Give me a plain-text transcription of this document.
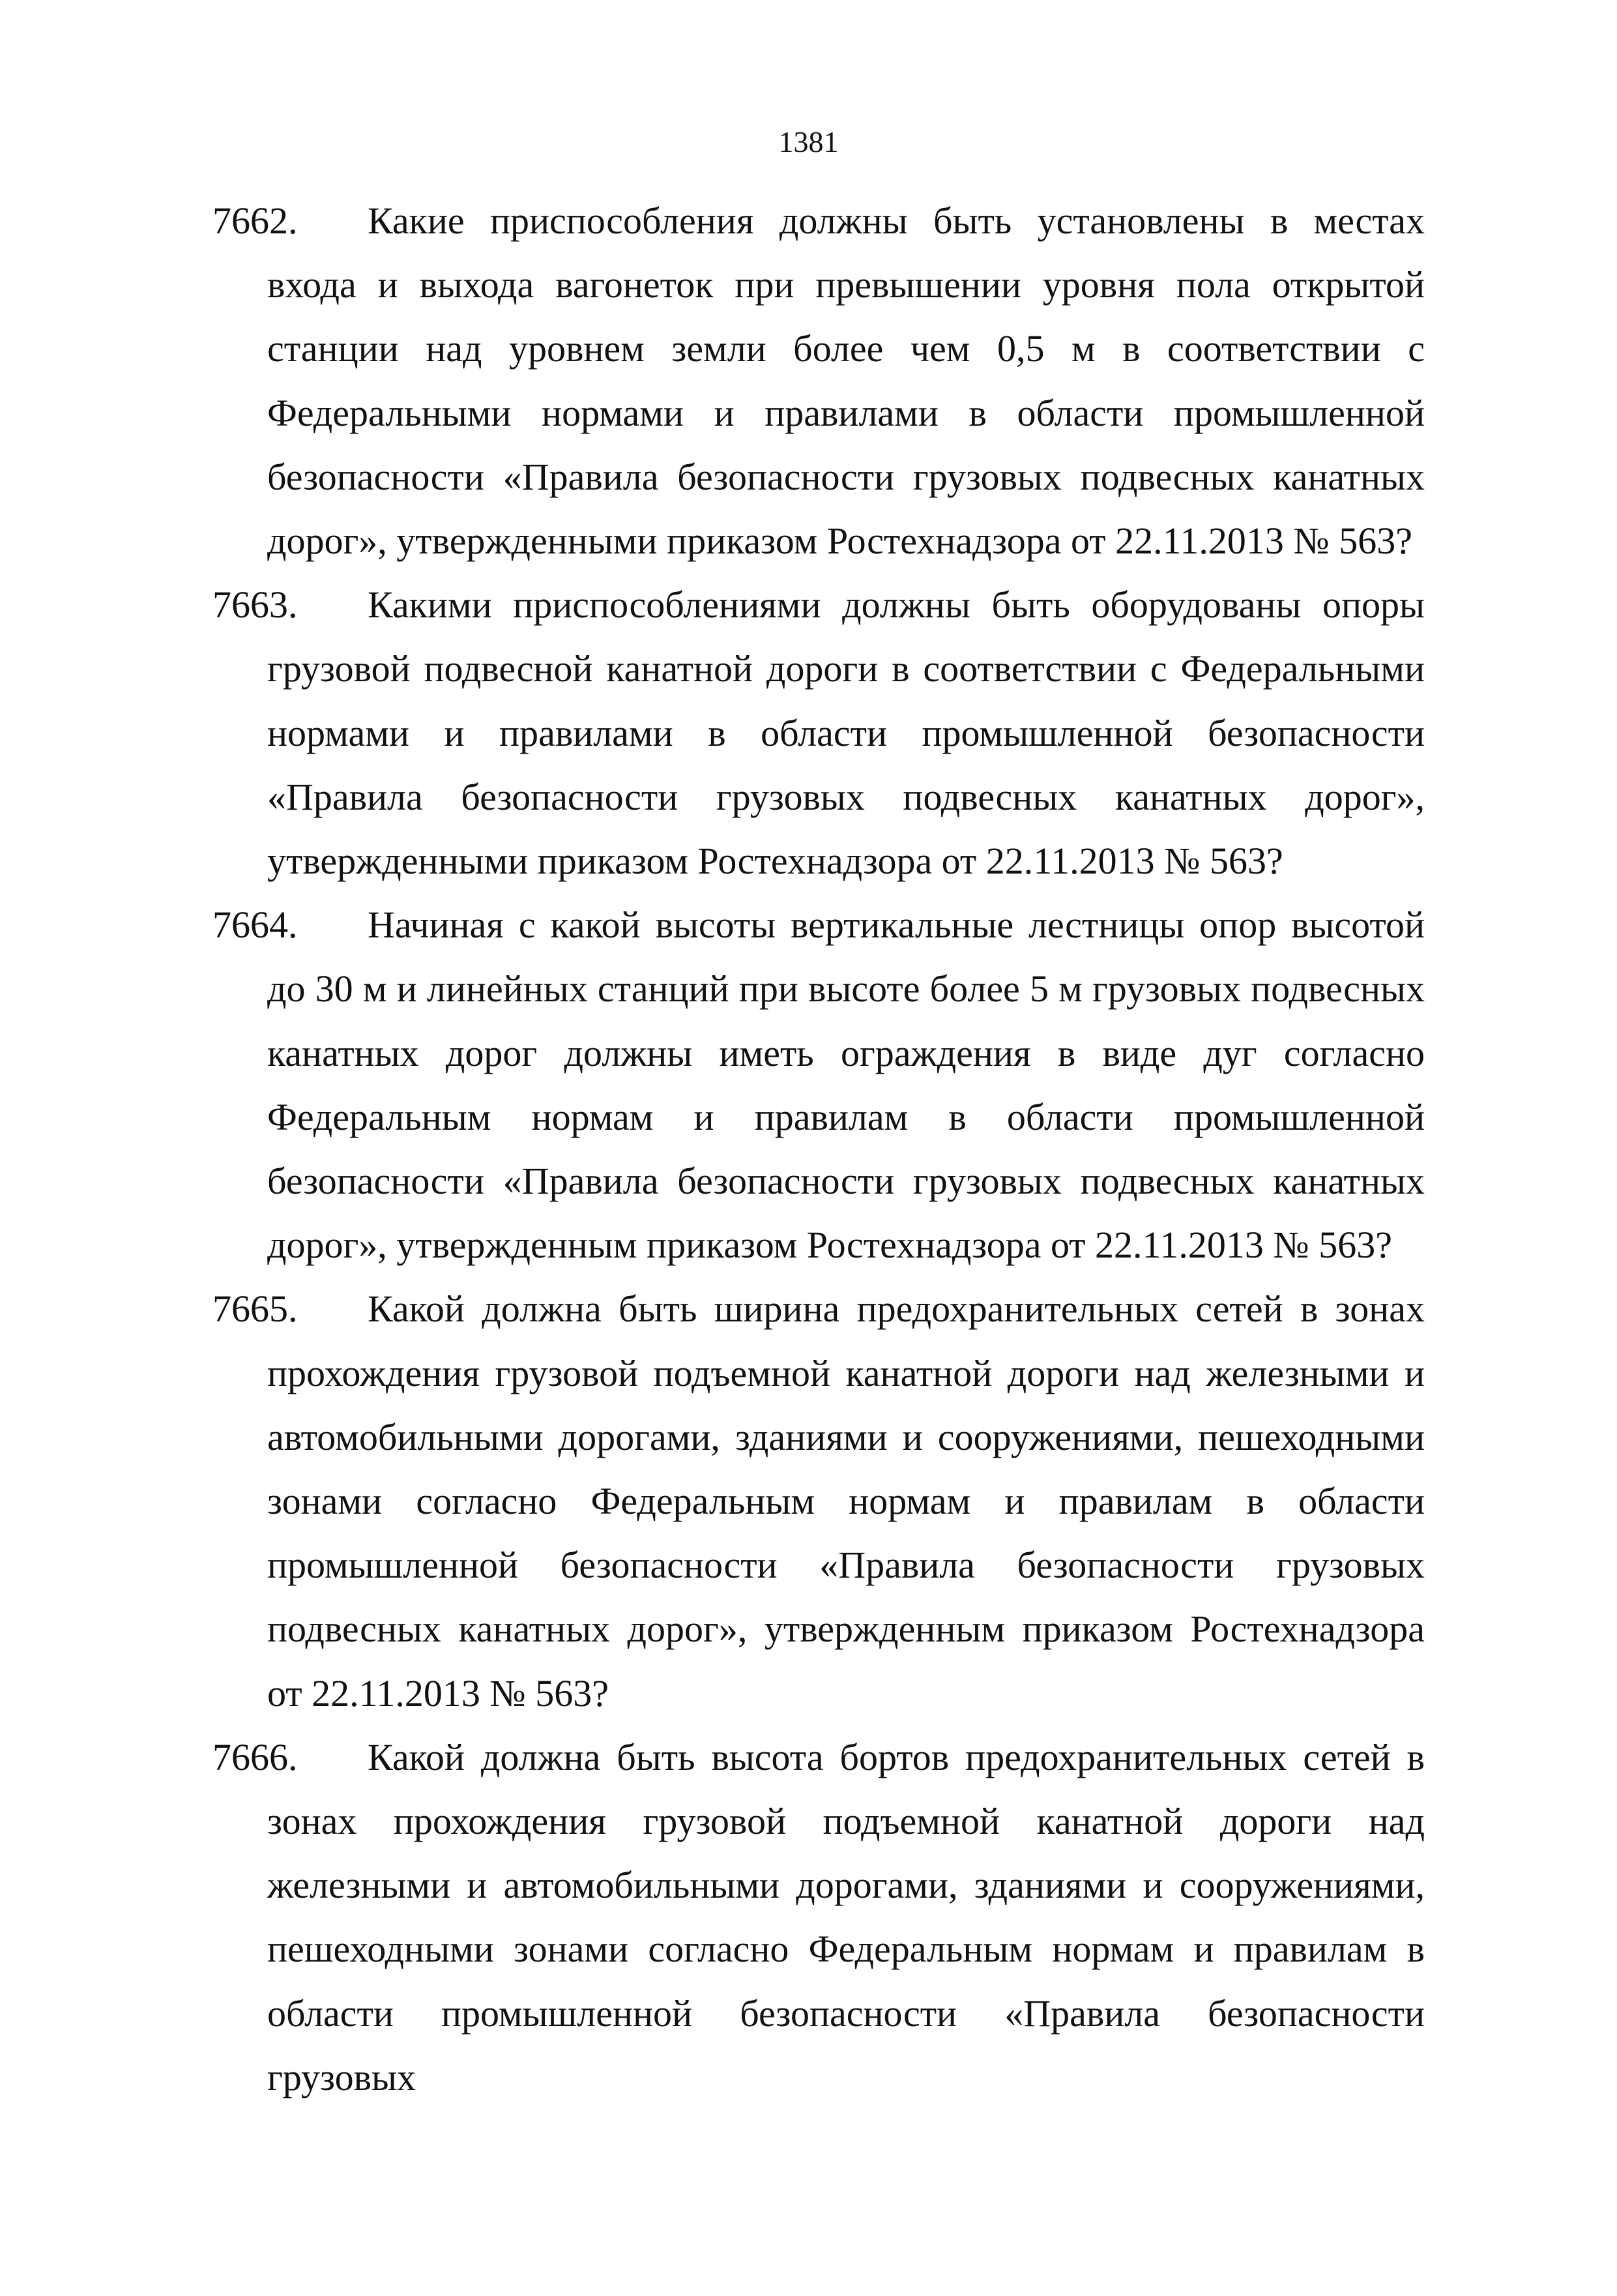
1381
7662. Какие приспособления должны быть установлены в местах входа и выхода вагонеток при превышении уровня пола открытой станции над уровнем земли более чем 0,5 м в соответствии с Федеральными нормами и правилами в области промышленной безопасности «Правила безопасности грузовых подвесных канатных дорог», утвержденными приказом Ростехнадзора от 22.11.2013 № 563?
7663. Какими приспособлениями должны быть оборудованы опоры грузовой подвесной канатной дороги в соответствии с Федеральными нормами и правилами в области промышленной безопасности «Правила безопасности грузовых подвесных канатных дорог», утвержденными приказом Ростехнадзора от 22.11.2013 № 563?
7664. Начиная с какой высоты вертикальные лестницы опор высотой до 30 м и линейных станций при высоте более 5 м грузовых подвесных канатных дорог должны иметь ограждения в виде дуг согласно Федеральным нормам и правилам в области промышленной безопасности «Правила безопасности грузовых подвесных канатных дорог», утвержденным приказом Ростехнадзора от 22.11.2013 № 563?
7665. Какой должна быть ширина предохранительных сетей в зонах прохождения грузовой подъемной канатной дороги над железными и автомобильными дорогами, зданиями и сооружениями, пешеходными зонами согласно Федеральным нормам и правилам в области промышленной безопасности «Правила безопасности грузовых подвесных канатных дорог», утвержденным приказом Ростехнадзора от 22.11.2013 № 563?
7666. Какой должна быть высота бортов предохранительных сетей в зонах прохождения грузовой подъемной канатной дороги над железными и автомобильными дорогами, зданиями и сооружениями, пешеходными зонами согласно Федеральным нормам и правилам в области промышленной безопасности «Правила безопасности грузовых
